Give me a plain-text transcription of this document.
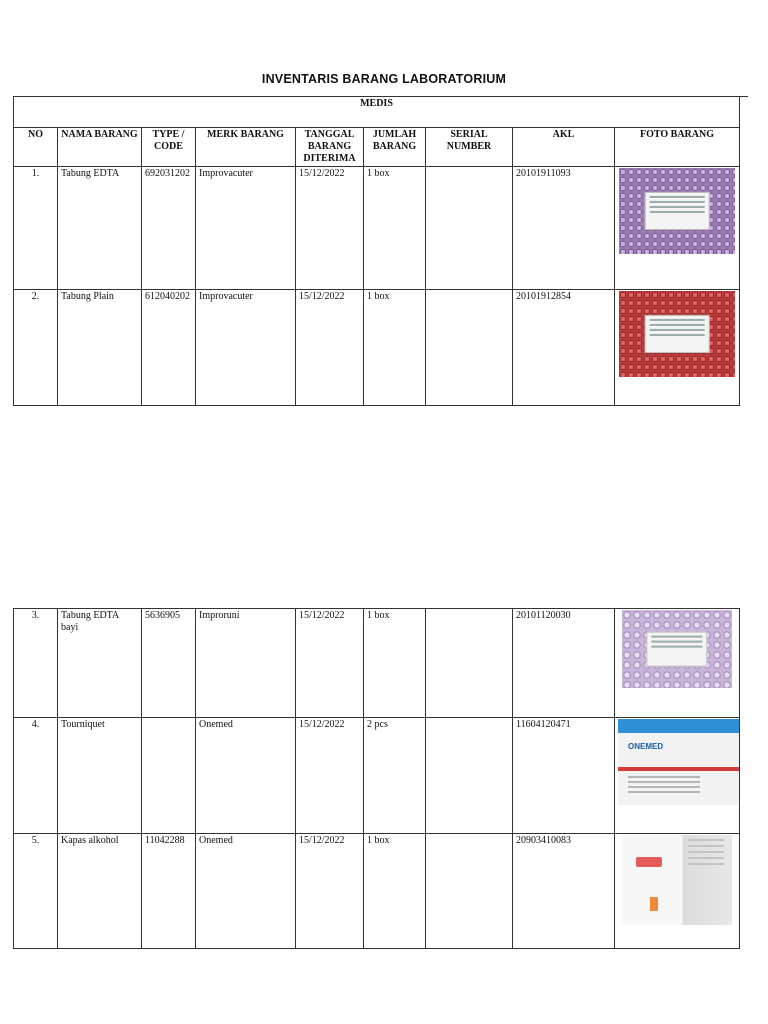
INVENTARIS BARANG LABORATORIUM
MEDIS								
NO	NAMA BARANG	TYPE / CODE	MERK BARANG	TANGGAL BARANG DITERIMA	JUMLAH BARANG	SERIAL NUMBER	AKL	FOTO BARANG
1.	Tabung EDTA	692031202	Improvacuter	15/12/2022	1 box		20101911093	

2.	Tabung Plain	612040202	Improvacuter	15/12/2022	1 box		20101912854	
3.	Tabung EDTA bayi	5636905	Improruni	15/12/2022	1 box		20101120030	

4.	Tourniquet		Onemed	15/12/2022	2 pcs		11604120471	ONEMED

5.	Kapas alkohol	11042288	Onemed	15/12/2022	1 box		20903410083	
